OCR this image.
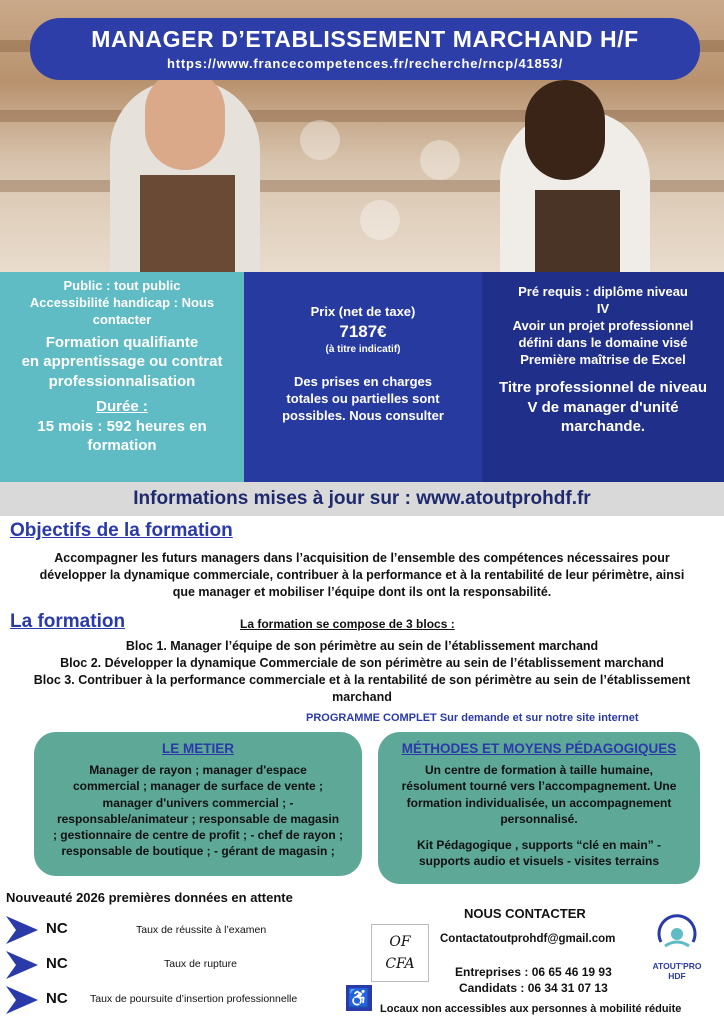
MANAGER D’ETABLISSEMENT MARCHAND H/F
https://www.francecompetences.fr/recherche/rncp/41853/

Public : tout public

Accessibilité handicap : Nous

contacter

Formation qualifiante

en apprentissage ou contrat

professionnalisation

Durée :

15 mois : 592 heures en

formation

Prix (net de taxe)

7187€

(à titre indicatif)

Des prises en charges

totales ou partielles sont

possibles. Nous consulter

Pré requis : diplôme niveau

IV

Avoir un projet professionnel

défini dans le domaine visé

Première maîtrise de Excel

Titre professionnel de niveau

V de manager d'unité

marchande.

Informations mises à jour sur : www.atoutprohdf.fr
Objectifs de la formation

Accompagner les futurs managers dans l’acquisition de l’ensemble des compétences nécessaires pour

développer la dynamique commerciale, contribuer à la performance et à la rentabilité de leur périmètre, ainsi

que manager et mobiliser l’équipe dont ils ont la responsabilité.

La formation	La formation se compose de 3 blocs :

Bloc 1. Manager l’équipe de son périmètre au sein de l’établissement marchand

Bloc 2. Développer la dynamique Commerciale de son périmètre au sein de l’établissement marchand

Bloc 3. Contribuer à la performance commerciale et à la rentabilité de son périmètre au sein de l’établissement

marchand

PROGRAMME COMPLET Sur demande et sur notre site internet
LE METIER

Manager de rayon ; manager d'espace

commercial ; manager de surface de vente ;

manager d'univers commercial ; -

responsable/animateur ; responsable de magasin

; gestionnaire de centre de profit ; - chef de rayon ;

responsable de boutique ; - gérant de magasin ;

MÉTHODES ET MOYENS PÉDAGOGIQUES

Un centre de formation à taille humaine,

résolument tourné vers l’accompagnement. Une

formation individualisée, un accompagnement

personnalisé.

Kit Pédagogique , supports “clé en main” -

supports audio et visuels - visites terrains

Nouveauté 2026 premières données en attente
NC	Taux de réussite à l’examen
NC	Taux de rupture
NC Taux de poursuite d’insertion professionnelle
OF
CFA
NOUS CONTACTER
Contactatoutprohdf@gmail.com

Entreprises : 06 65 46 19 93

Candidats : 06 34 31 07 13

ATOUT'PRO
HDF
♿
Locaux non accessibles aux personnes à mobilité réduite
